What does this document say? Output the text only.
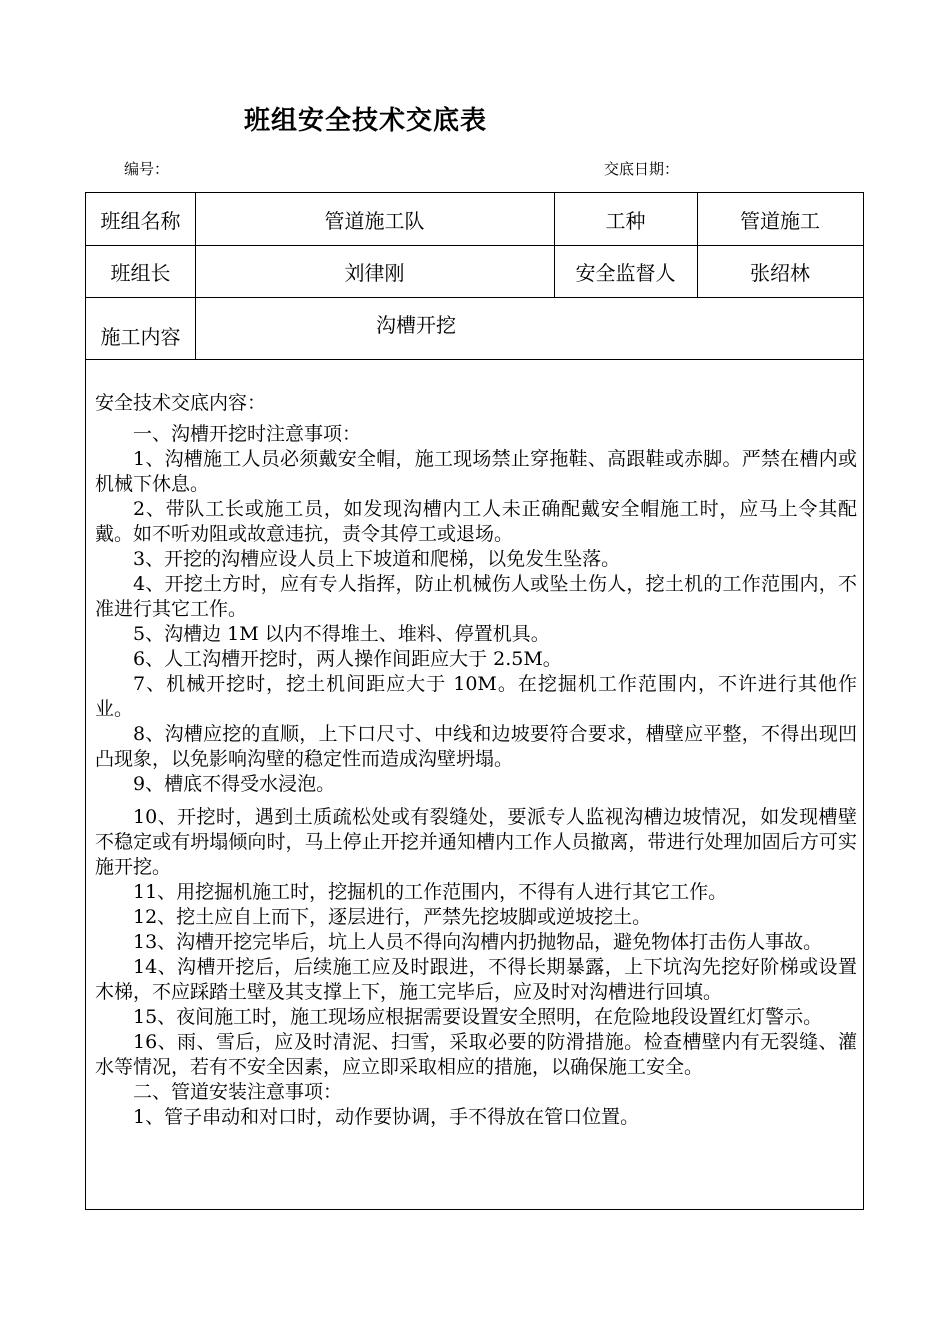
班组安全技术交底表
编号：	交底日期：
班组名称	管道施工队	工种	管道施工
班组长	刘律刚	安全监督人	张绍林
施工内容	沟槽开挖

安全技术交底内容：

一、沟槽开挖时注意事项：

1、沟槽施工人员必须戴安全帽，施工现场禁止穿拖鞋、高跟鞋或赤脚。严禁在槽内或机械下休息。

2、带队工长或施工员，如发现沟槽内工人未正确配戴安全帽施工时，应马上令其配戴。如不听劝阻或故意违抗，责令其停工或退场。

3、开挖的沟槽应设人员上下坡道和爬梯，以免发生坠落。

4、开挖土方时，应有专人指挥，防止机械伤人或坠土伤人，挖土机的工作范围内，不准进行其它工作。

5、沟槽边 1M 以内不得堆土、堆料、停置机具。

6、人工沟槽开挖时，两人操作间距应大于 2.5M。

7、机械开挖时，挖土机间距应大于 10M。在挖掘机工作范围内，不许进行其他作业。

8、沟槽应挖的直顺，上下口尺寸、中线和边坡要符合要求，槽壁应平整，不得出现凹凸现象，以免影响沟壁的稳定性而造成沟壁坍塌。

9、槽底不得受水浸泡。

10、开挖时，遇到土质疏松处或有裂缝处，要派专人监视沟槽边坡情况，如发现槽壁不稳定或有坍塌倾向时，马上停止开挖并通知槽内工作人员撤离，带进行处理加固后方可实施开挖。

11、用挖掘机施工时，挖掘机的工作范围内，不得有人进行其它工作。

12、挖土应自上而下，逐层进行，严禁先挖坡脚或逆坡挖土。

13、沟槽开挖完毕后，坑上人员不得向沟槽内扔抛物品，避免物体打击伤人事故。

14、沟槽开挖后，后续施工应及时跟进，不得长期暴露，上下坑沟先挖好阶梯或设置木梯，不应踩踏土壁及其支撑上下，施工完毕后，应及时对沟槽进行回填。

15、夜间施工时，施工现场应根据需要设置安全照明，在危险地段设置红灯警示。

16、雨、雪后，应及时清泥、扫雪，采取必要的防滑措施。检查槽壁内有无裂缝、灌水等情况，若有不安全因素，应立即采取相应的措施，以确保施工安全。

二、管道安装注意事项：

1、管子串动和对口时，动作要协调，手不得放在管口位置。
